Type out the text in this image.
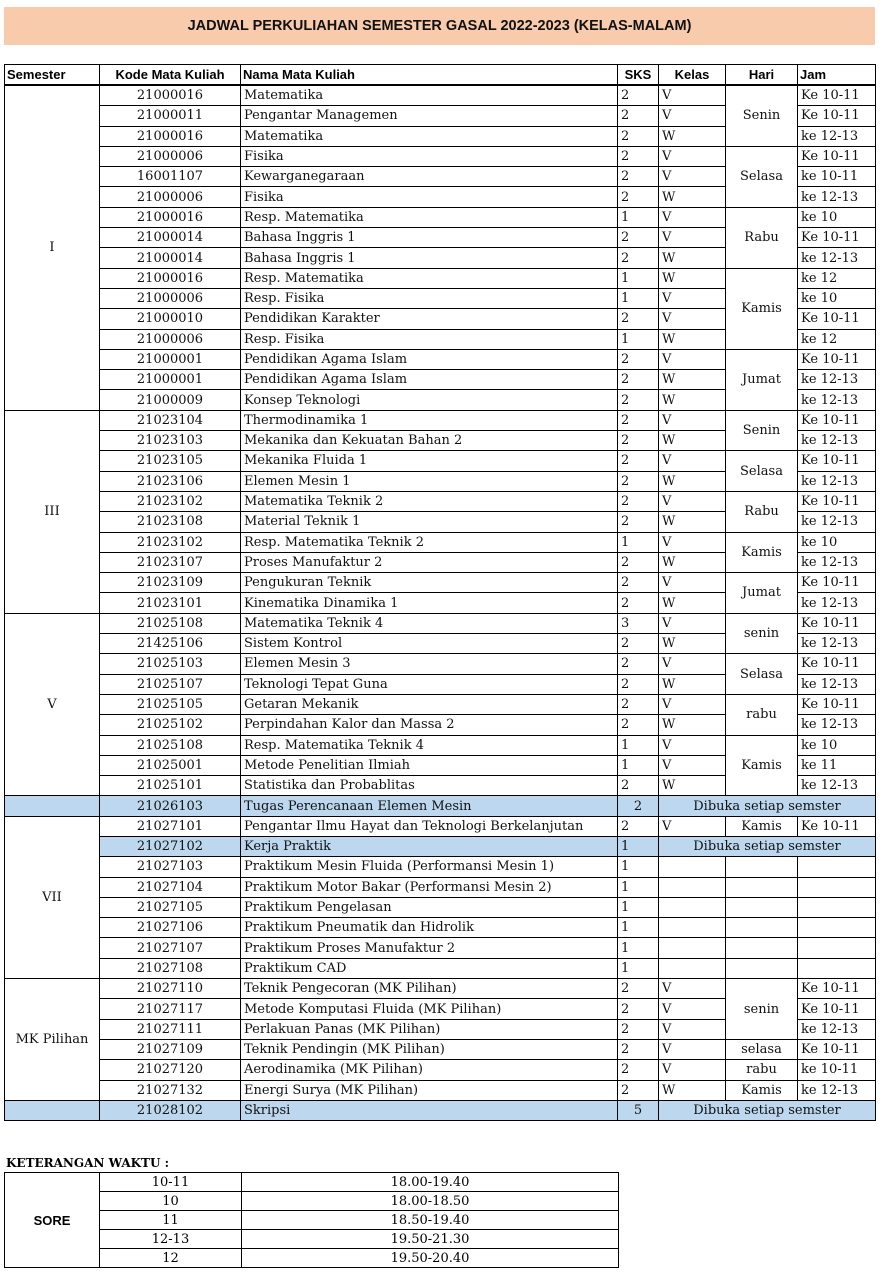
JADWAL PERKULIAHAN SEMESTER GASAL 2022-2023 (KELAS-MALAM)
Semester	Kode Mata Kuliah	Nama Mata Kuliah	SKS	Kelas	Hari	Jam
I	21000016	Matematika	2	V	Senin	Ke 10-11
	21000011	Pengantar Managemen	2	V		Ke 10-11
	21000016	Matematika	2	W		ke 12-13
	21000006	Fisika	2	V	Selasa	Ke 10-11
	16001107	Kewarganegaraan	2	V		ke 10-11
	21000006	Fisika	2	W		ke 12-13
	21000016	Resp. Matematika	1	V	Rabu	ke 10
	21000014	Bahasa Inggris 1	2	V		Ke 10-11
	21000014	Bahasa Inggris 1	2	W		ke 12-13
	21000016	Resp. Matematika	1	W	Kamis	ke 12
	21000006	Resp. Fisika	1	V		ke 10
	21000010	Pendidikan Karakter	2	V		Ke 10-11
	21000006	Resp. Fisika	1	W		ke 12
	21000001	Pendidikan Agama Islam	2	V	Jumat	Ke 10-11
	21000001	Pendidikan Agama Islam	2	W		ke 12-13
	21000009	Konsep Teknologi	2	W		ke 12-13
III	21023104	Thermodinamika 1	2	V	Senin	Ke 10-11
	21023103	Mekanika dan Kekuatan Bahan 2	2	W		ke 12-13
	21023105	Mekanika Fluida 1	2	V	Selasa	Ke 10-11
	21023106	Elemen Mesin 1	2	W		ke 12-13
	21023102	Matematika Teknik 2	2	V	Rabu	Ke 10-11
	21023108	Material Teknik 1	2	W		ke 12-13
	21023102	Resp. Matematika Teknik 2	1	V	Kamis	ke 10
	21023107	Proses Manufaktur 2	2	W		ke 12-13
	21023109	Pengukuran Teknik	2	V	Jumat	Ke 10-11
	21023101	Kinematika Dinamika 1	2	W		ke 12-13
V	21025108	Matematika Teknik 4	3	V	senin	Ke 10-11
	21425106	Sistem Kontrol	2	W		ke 12-13
	21025103	Elemen Mesin 3	2	V	Selasa	Ke 10-11
	21025107	Teknologi Tepat Guna	2	W		ke 12-13
	21025105	Getaran Mekanik	2	V	rabu	Ke 10-11
	21025102	Perpindahan Kalor dan Massa 2	2	W		ke 12-13
	21025108	Resp. Matematika Teknik 4	1	V	Kamis	ke 10
	21025001	Metode Penelitian Ilmiah	1	V		ke 11
	21025101	Statistika dan Probablitas	2	W		ke 12-13
	21026103	Tugas Perencanaan Elemen Mesin	2	Dibuka setiap semster		
VII	21027101	Pengantar Ilmu Hayat dan Teknologi Berkelanjutan	2	V	Kamis	Ke 10-11
	21027102	Kerja Praktik	1	Dibuka setiap semster		
	21027103	Praktikum Mesin Fluida (Performansi Mesin 1)	1			
	21027104	Praktikum Motor Bakar (Performansi Mesin 2)	1			
	21027105	Praktikum Pengelasan	1			
	21027106	Praktikum Pneumatik dan Hidrolik	1			
	21027107	Praktikum Proses Manufaktur 2	1			
	21027108	Praktikum CAD	1			
MK Pilihan	21027110	Teknik Pengecoran (MK Pilihan)	2	V	senin	Ke 10-11
	21027117	Metode Komputasi Fluida (MK Pilihan)	2	V		Ke 10-11
	21027111	Perlakuan Panas (MK Pilihan)	2	V		ke 12-13
	21027109	Teknik Pendingin (MK Pilihan)	2	V	selasa	Ke 10-11
	21027120	Aerodinamika (MK Pilihan)	2	V	rabu	ke 10-11
	21027132	Energi Surya (MK Pilihan)	2	W	Kamis	ke 12-13
	21028102	Skripsi	5	Dibuka setiap semster		
KETERANGAN WAKTU :
SORE	10-11	18.00-19.40
	10	18.00-18.50
	11	18.50-19.40
	12-13	19.50-21.30
	12	19.50-20.40
